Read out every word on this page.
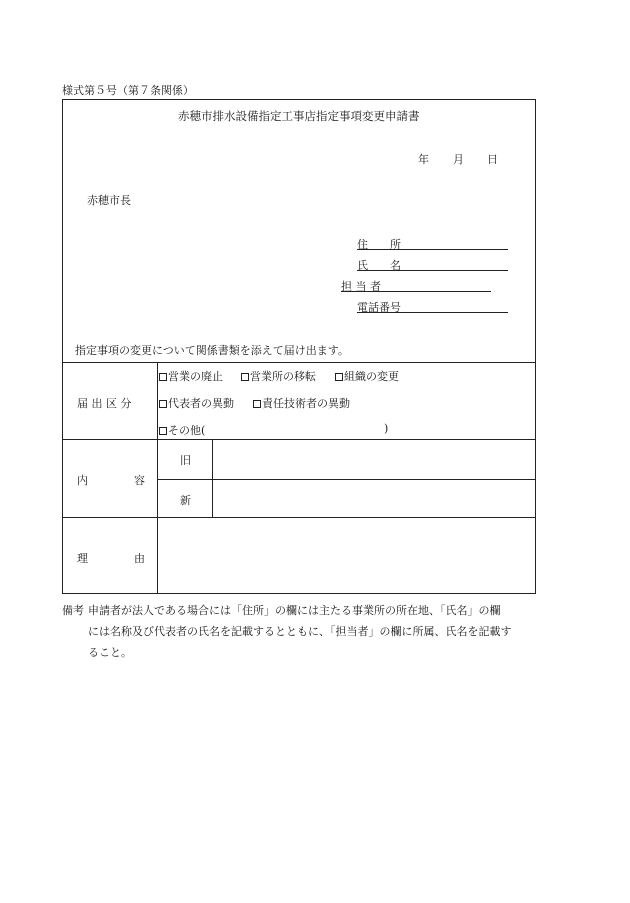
様式第５号（第７条関係）
赤穂市排水設備指定工事店指定事項変更申請書
年 月 日
赤穂市長
住　　所
氏　　名
担 当 者
電話番号
指定事項の変更について関係書類を添えて届け出ます。
届 出 区 分
営業の廃止	営業所の移転	組織の変更
代表者の異動	責任技術者の異動
その他(	)
内	容
旧
新
理	由
備考 申請者が法人である場合には「住所」の欄には主たる事業所の所在地、「氏名」の欄
には名称及び代表者の氏名を記載するとともに、「担当者」の欄に所属、氏名を記載す
ること。
